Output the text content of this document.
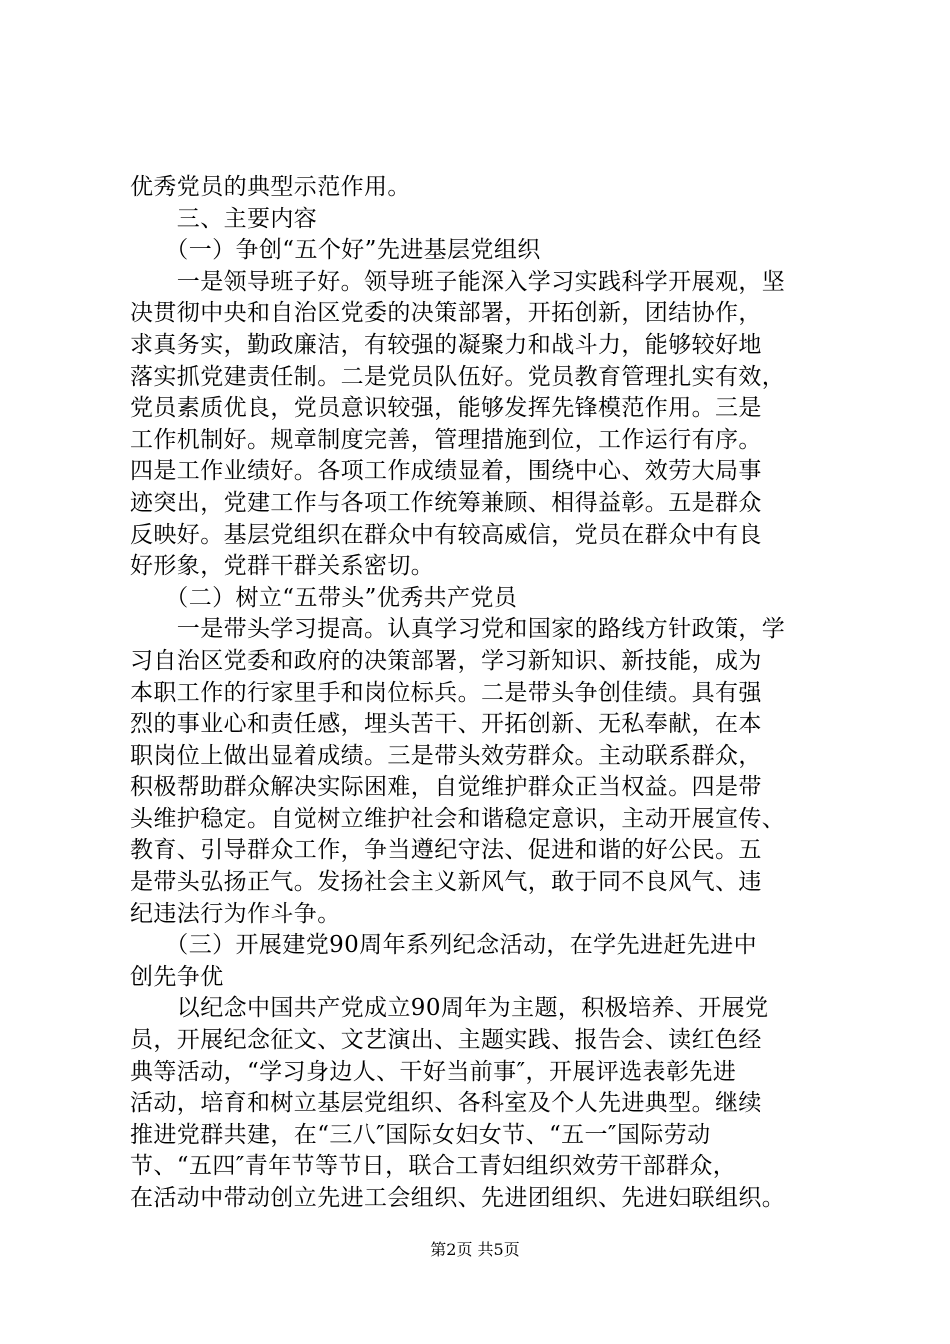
优秀党员的典型示范作用。
　　三、主要内容
　　（一）争创“五个好”先进基层党组织
　　一是领导班子好。领导班子能深入学习实践科学开展观，坚
决贯彻中央和自治区党委的决策部署，开拓创新，团结协作，
求真务实，勤政廉洁，有较强的凝聚力和战斗力，能够较好地
落实抓党建责任制。二是党员队伍好。党员教育管理扎实有效，
党员素质优良，党员意识较强，能够发挥先锋模范作用。三是
工作机制好。规章制度完善，管理措施到位，工作运行有序。
四是工作业绩好。各项工作成绩显着，围绕中心、效劳大局事
迹突出，党建工作与各项工作统筹兼顾、相得益彰。五是群众
反映好。基层党组织在群众中有较高威信，党员在群众中有良
好形象，党群干群关系密切。
　　（二）树立“五带头”优秀共产党员
　　一是带头学习提高。认真学习党和国家的路线方针政策，学
习自治区党委和政府的决策部署，学习新知识、新技能，成为
本职工作的行家里手和岗位标兵。二是带头争创佳绩。具有强
烈的事业心和责任感，埋头苦干、开拓创新、无私奉献，在本
职岗位上做出显着成绩。三是带头效劳群众。主动联系群众，
积极帮助群众解决实际困难，自觉维护群众正当权益。四是带
头维护稳定。自觉树立维护社会和谐稳定意识，主动开展宣传、
教育、引导群众工作，争当遵纪守法、促进和谐的好公民。五
是带头弘扬正气。发扬社会主义新风气，敢于同不良风气、违
纪违法行为作斗争。
　　（三）开展建党90周年系列纪念活动，在学先进赶先进中
创先争优
　　以纪念中国共产党成立90周年为主题，积极培养、开展党
员，开展纪念征文、文艺演出、主题实践、报告会、读红色经
典等活动，“学习身边人、干好当前事″，开展评选表彰先进
活动，培育和树立基层党组织、各科室及个人先进典型。继续
推进党群共建，在“三八″国际女妇女节、“五一″国际劳动
节、“五四″青年节等节日，联合工青妇组织效劳干部群众，
在活动中带动创立先进工会组织、先进团组织、先进妇联组织。
第2页 共5页
